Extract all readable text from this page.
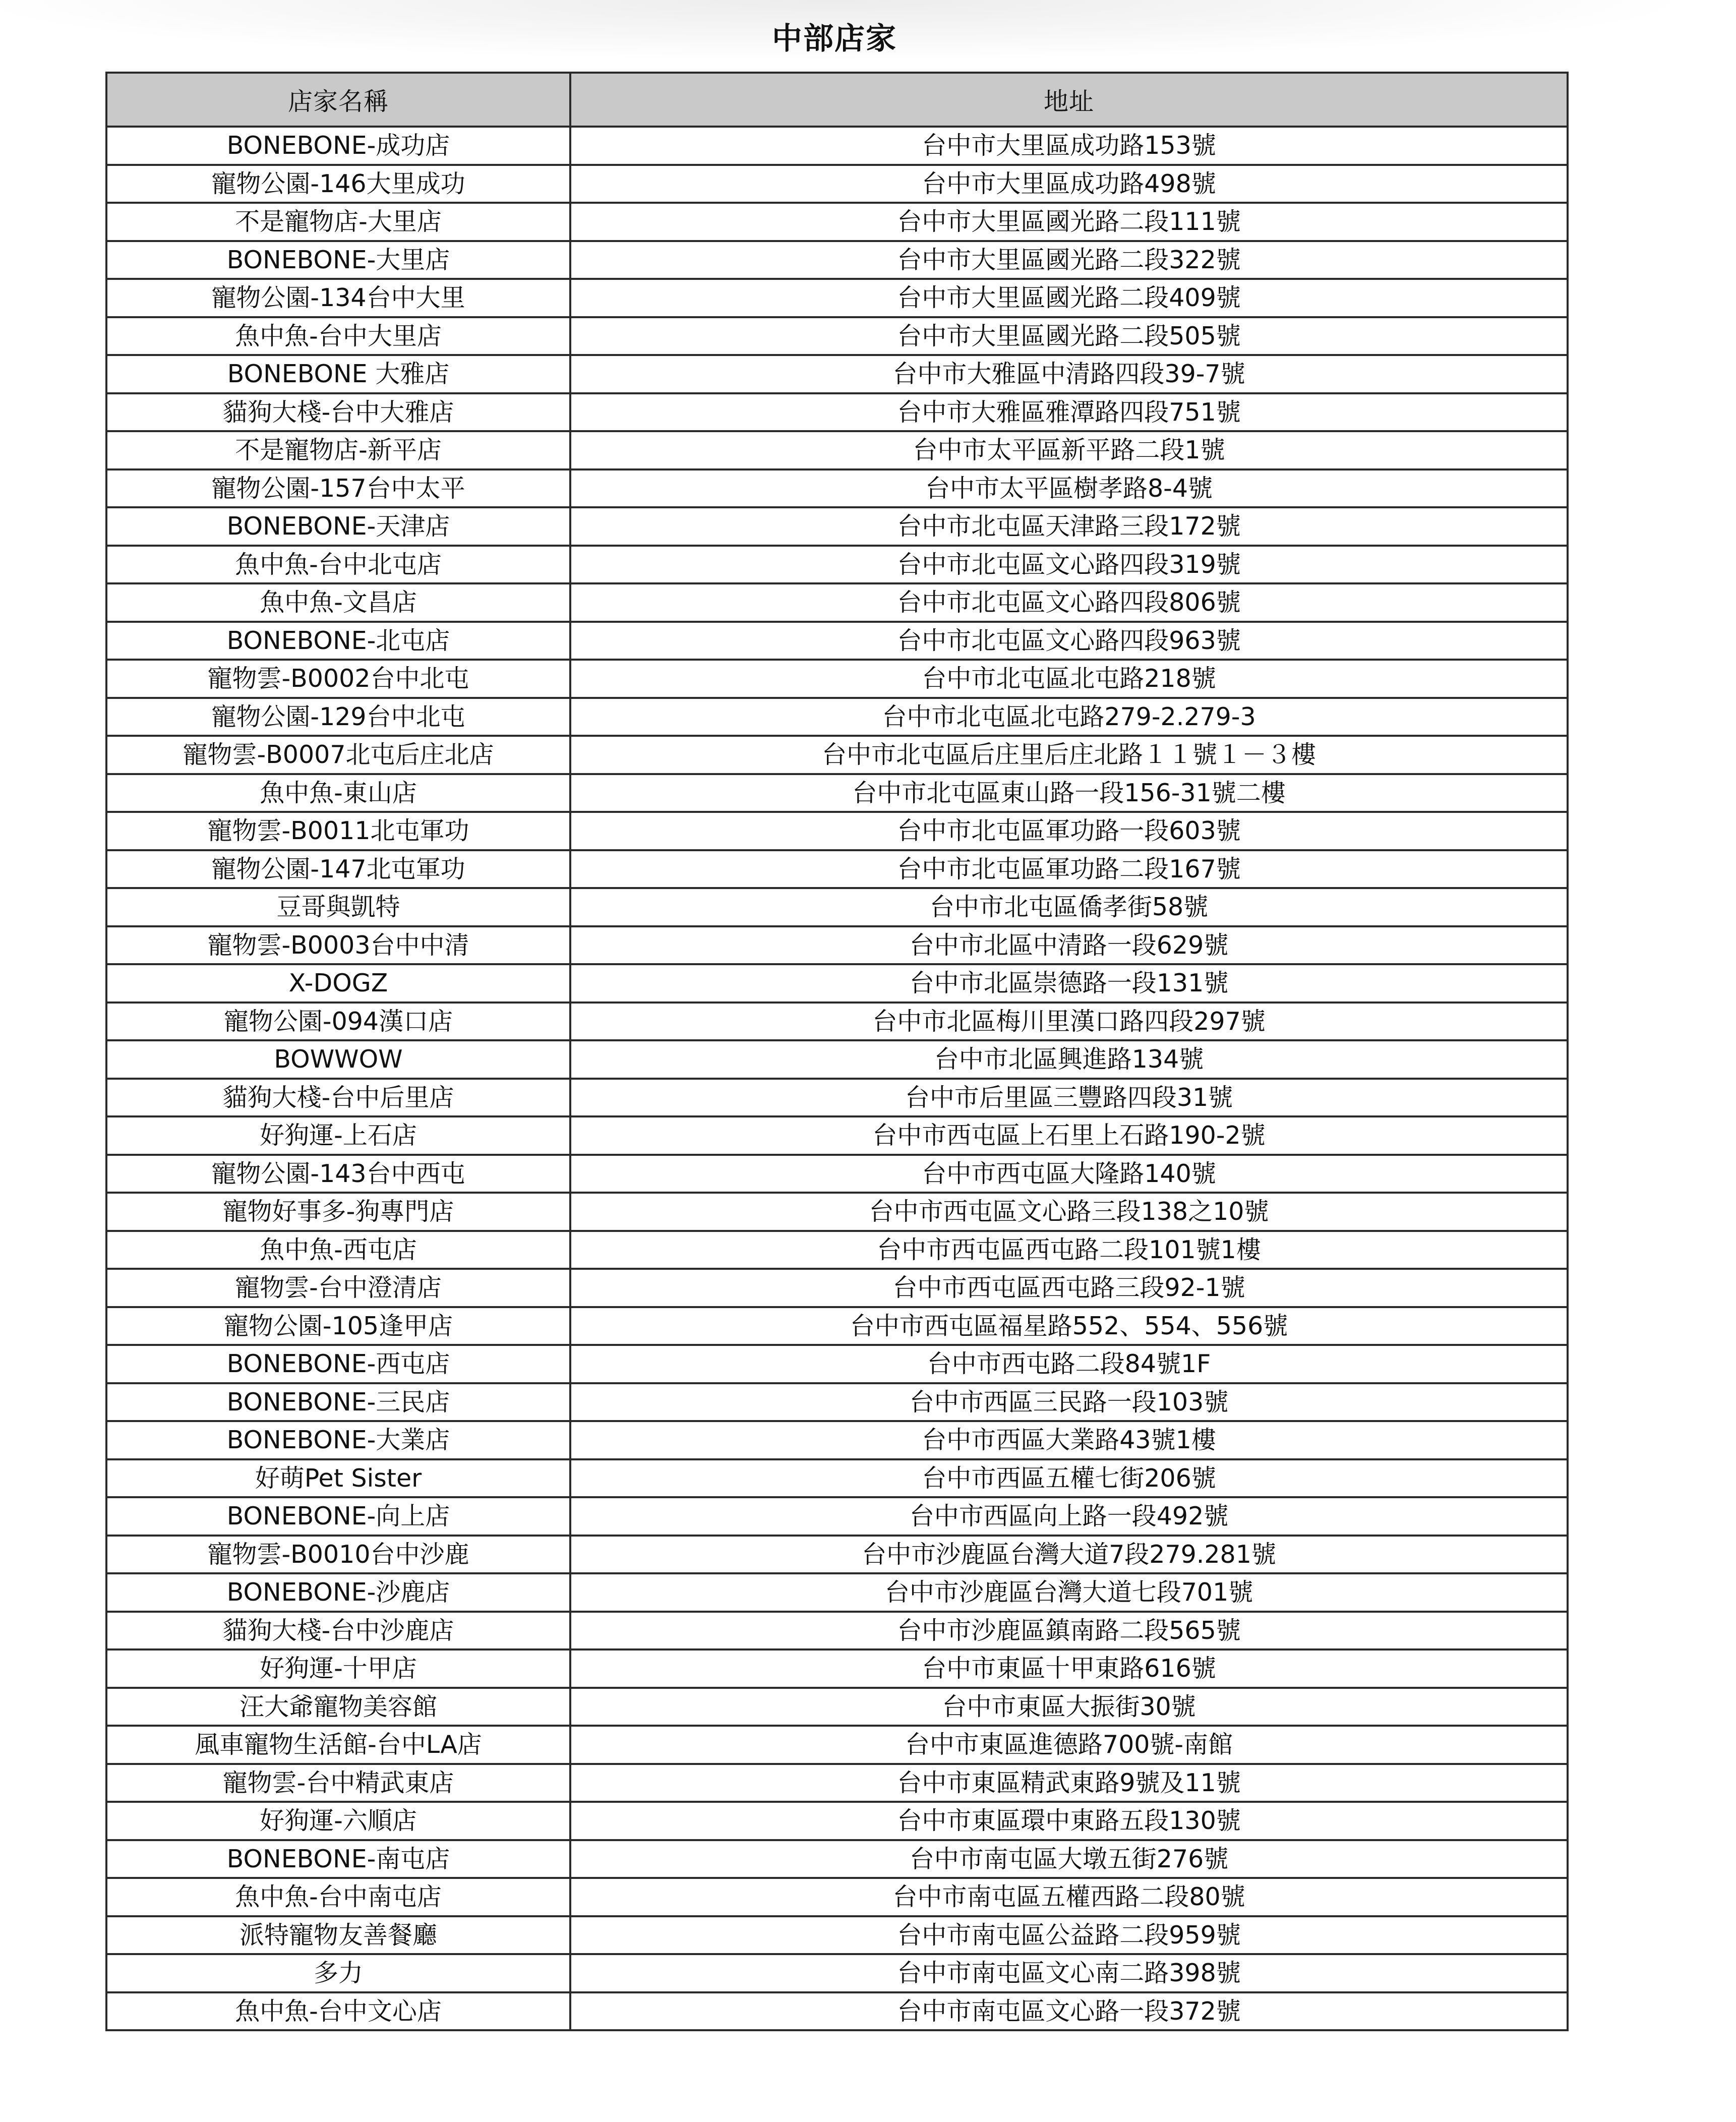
中部店家
店家名稱	地址
BONEBONE-成功店	台中市大里區成功路153號
寵物公園-146大里成功	台中市大里區成功路498號
不是寵物店-大里店	台中市大里區國光路二段111號
BONEBONE-大里店	台中市大里區國光路二段322號
寵物公園-134台中大里	台中市大里區國光路二段409號
魚中魚-台中大里店	台中市大里區國光路二段505號
BONEBONE 大雅店	台中市大雅區中清路四段39-7號
貓狗大棧-台中大雅店	台中市大雅區雅潭路四段751號
不是寵物店-新平店	台中市太平區新平路二段1號
寵物公園-157台中太平	台中市太平區樹孝路8-4號
BONEBONE-天津店	台中市北屯區天津路三段172號
魚中魚-台中北屯店	台中市北屯區文心路四段319號
魚中魚-文昌店	台中市北屯區文心路四段806號
BONEBONE-北屯店	台中市北屯區文心路四段963號
寵物雲-B0002台中北屯	台中市北屯區北屯路218號
寵物公園-129台中北屯	台中市北屯區北屯路279-2.279-3
寵物雲-B0007北屯后庄北店	台中市北屯區后庄里后庄北路１１號１－３樓
魚中魚-東山店	台中市北屯區東山路一段156-31號二樓
寵物雲-B0011北屯軍功	台中市北屯區軍功路一段603號
寵物公園-147北屯軍功	台中市北屯區軍功路二段167號
豆哥與凱特	台中市北屯區僑孝街58號
寵物雲-B0003台中中清	台中市北區中清路一段629號
X-DOGZ	台中市北區崇德路一段131號
寵物公園-094漢口店	台中市北區梅川里漢口路四段297號
BOWWOW	台中市北區興進路134號
貓狗大棧-台中后里店	台中市后里區三豐路四段31號
好狗運-上石店	台中市西屯區上石里上石路190-2號
寵物公園-143台中西屯	台中市西屯區大隆路140號
寵物好事多-狗專門店	台中市西屯區文心路三段138之10號
魚中魚-西屯店	台中市西屯區西屯路二段101號1樓
寵物雲-台中澄清店	台中市西屯區西屯路三段92-1號
寵物公園-105逢甲店	台中市西屯區福星路552、554、556號
BONEBONE-西屯店	台中市西屯路二段84號1F
BONEBONE-三民店	台中市西區三民路一段103號
BONEBONE-大業店	台中市西區大業路43號1樓
好萌Pet Sister	台中市西區五權七街206號
BONEBONE-向上店	台中市西區向上路一段492號
寵物雲-B0010台中沙鹿	台中市沙鹿區台灣大道7段279.281號
BONEBONE-沙鹿店	台中市沙鹿區台灣大道七段701號
貓狗大棧-台中沙鹿店	台中市沙鹿區鎮南路二段565號
好狗運-十甲店	台中市東區十甲東路616號
汪大爺寵物美容館	台中市東區大振街30號
風車寵物生活館-台中LA店	台中市東區進德路700號-南館
寵物雲-台中精武東店	台中市東區精武東路9號及11號
好狗運-六順店	台中市東區環中東路五段130號
BONEBONE-南屯店	台中市南屯區大墩五街276號
魚中魚-台中南屯店	台中市南屯區五權西路二段80號
派特寵物友善餐廳	台中市南屯區公益路二段959號
多力	台中市南屯區文心南二路398號
魚中魚-台中文心店	台中市南屯區文心路一段372號
